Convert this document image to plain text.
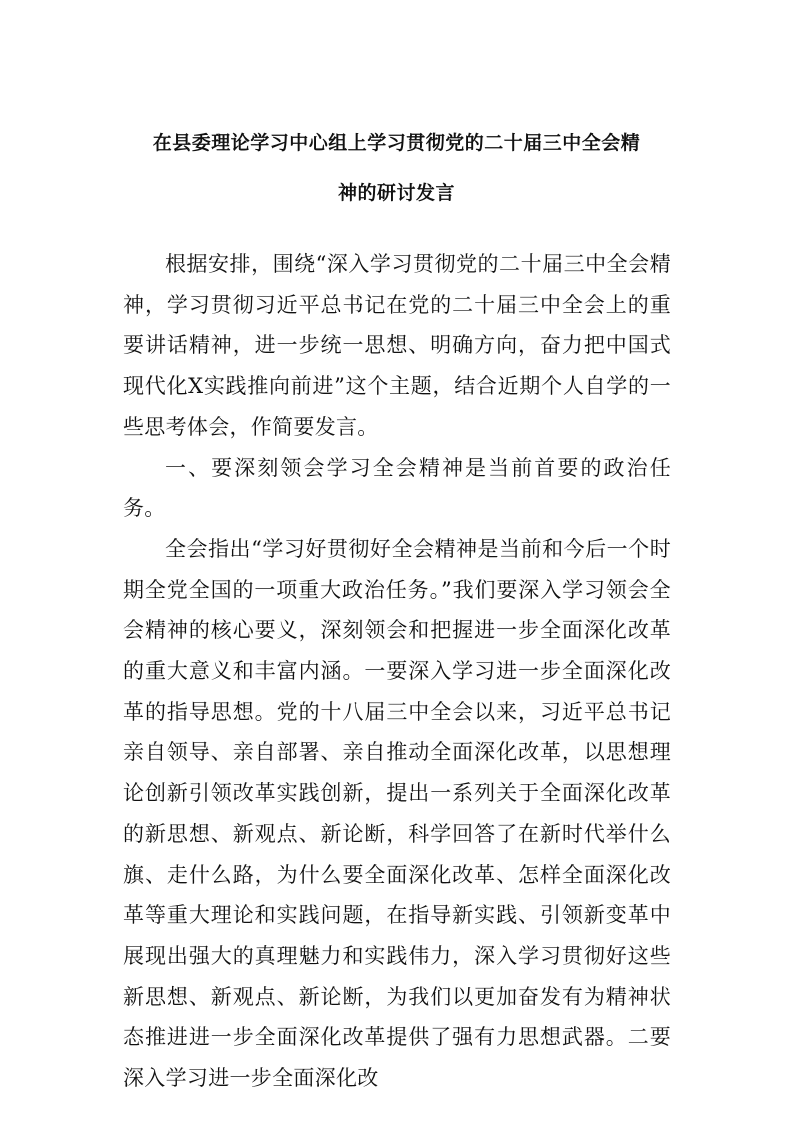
在县委理论学习中心组上学习贯彻党的二十届三中全会精
神的研讨发言

根据安排，围绕“深入学习贯彻党的二十届三中全会精神，学习贯彻习近平总书记在党的二十届三中全会上的重要讲话精神，进一步统一思想、明确方向，奋力把中国式现代化X实践推向前进”这个主题，结合近期个人自学的一些思考体会，作简要发言。

一、要深刻领会学习全会精神是当前首要的政治任务。

全会指出“学习好贯彻好全会精神是当前和今后一个时期全党全国的一项重大政治任务。”我们要深入学习领会全会精神的核心要义，深刻领会和把握进一步全面深化改革的重大意义和丰富内涵。一要深入学习进一步全面深化改革的指导思想。党的十八届三中全会以来，习近平总书记亲自领导、亲自部署、亲自推动全面深化改革，以思想理论创新引领改革实践创新，提出一系列关于全面深化改革的新思想、新观点、新论断，科学回答了在新时代举什么旗、走什么路，为什么要全面深化改革、怎样全面深化改革等重大理论和实践问题，在指导新实践、引领新变革中展现出强大的真理魅力和实践伟力，深入学习贯彻好这些新思想、新观点、新论断，为我们以更加奋发有为精神状态推进进一步全面深化改革提供了强有力思想武器。二要深入学习进一步全面深化改
